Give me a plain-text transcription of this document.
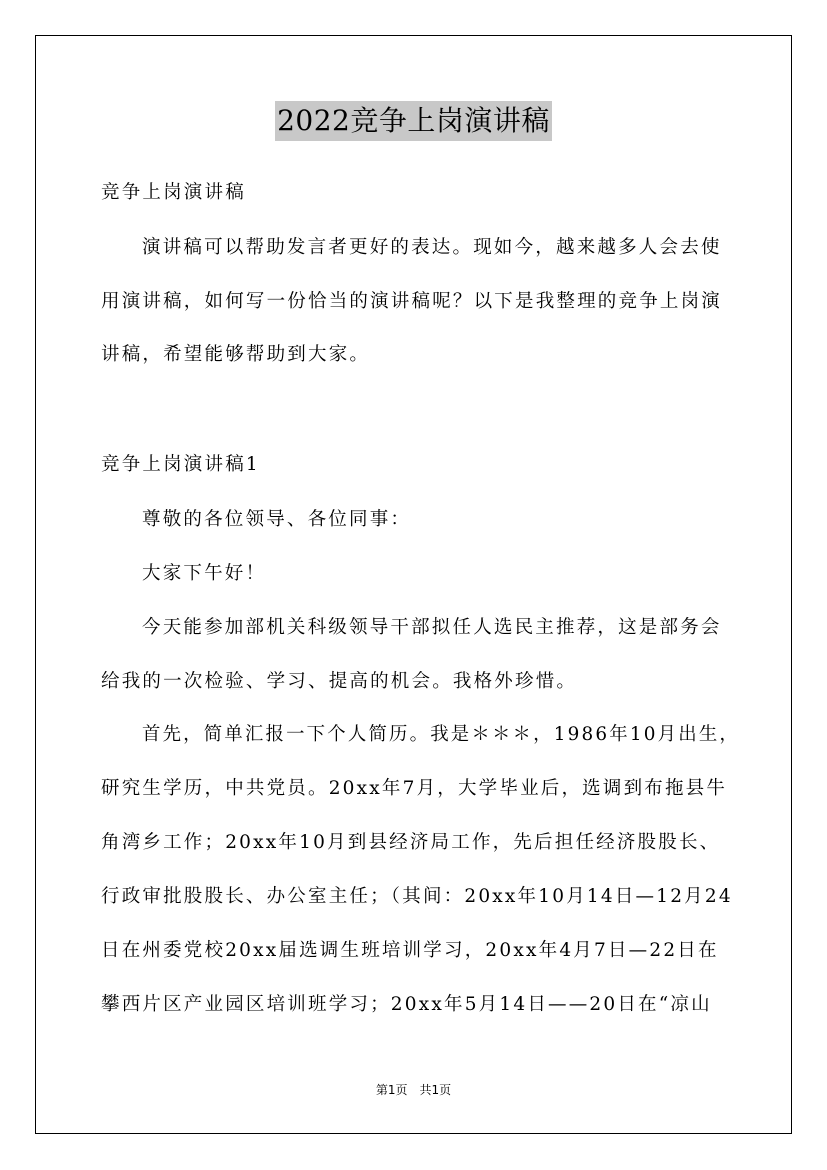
2022竞争上岗演讲稿
竞争上岗演讲稿
演讲稿可以帮助发言者更好的表达。现如今，越来越多人会去使
用演讲稿，如何写一份恰当的演讲稿呢？以下是我整理的竞争上岗演
讲稿，希望能够帮助到大家。
竞争上岗演讲稿1
尊敬的各位领导、各位同事：
大家下午好！
今天能参加部机关科级领导干部拟任人选民主推荐，这是部务会
给我的一次检验、学习、提高的机会。我格外珍惜。
首先，简单汇报一下个人简历。我是＊＊＊，1986年10月出生，
研究生学历，中共党员。20xx年7月，大学毕业后，选调到布拖县牛
角湾乡工作；20xx年10月到县经济局工作，先后担任经济股股长、
行政审批股股长、办公室主任；（其间：20xx年10月14日—12月24
日在州委党校20xx届选调生班培训学习，20xx年4月7日—22日在
攀西片区产业园区培训班学习；20xx年5月14日——20日在“凉山
第1页 共1页
